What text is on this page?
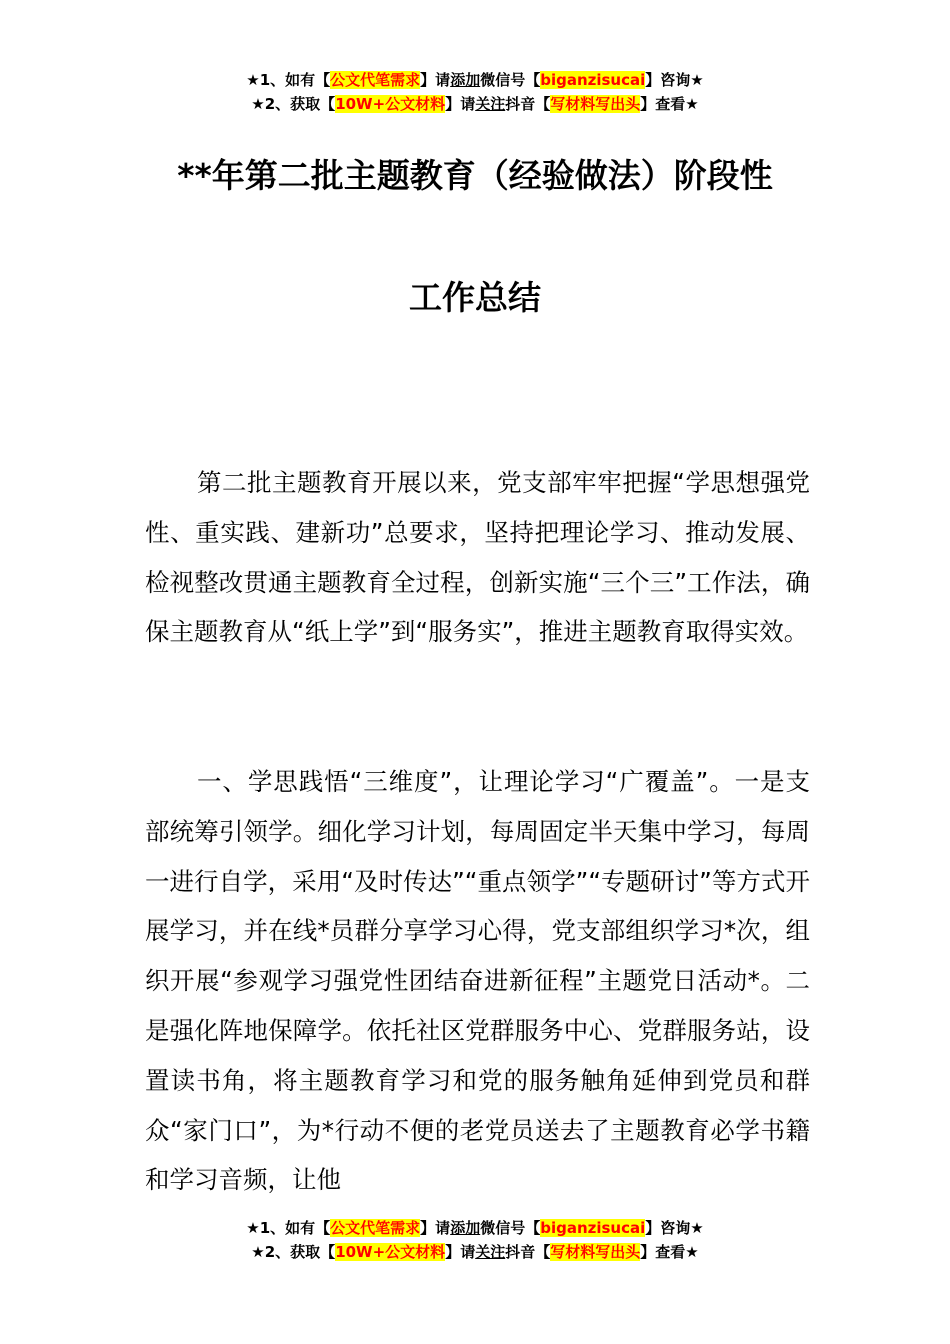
★1、如有【公文代笔需求】请添加微信号【biganzisucai】咨询★
★2、获取【10W+公文材料】请关注抖音【写材料写出头】查看★
**年第二批主题教育（经验做法）阶段性
工作总结

第二批主题教育开展以来，党支部牢牢把握“学思想强党性、重实践、建新功”总要求，坚持把理论学习、推动发展、检视整改贯通主题教育全过程，创新实施“三个三”工作法，确保主题教育从“纸上学”到“服务实”，推进主题教育取得实效。

一、学思践悟“三维度”，让理论学习“广覆盖”。一是支部统筹引领学。细化学习计划，每周固定半天集中学习，每周一进行自学，采用“及时传达”“重点领学”“专题研讨”等方式开展学习，并在线*员群分享学习心得，党支部组织学习*次，组织开展“参观学习强党性团结奋进新征程”主题党日活动*。二是强化阵地保障学。依托社区党群服务中心、党群服务站，设置读书角，将主题教育学习和党的服务触角延伸到党员和群众“家门口”，为*行动不便的老党员送去了主题教育必学书籍和学习音频，让他

★1、如有【公文代笔需求】请添加微信号【biganzisucai】咨询★
★2、获取【10W+公文材料】请关注抖音【写材料写出头】查看★
